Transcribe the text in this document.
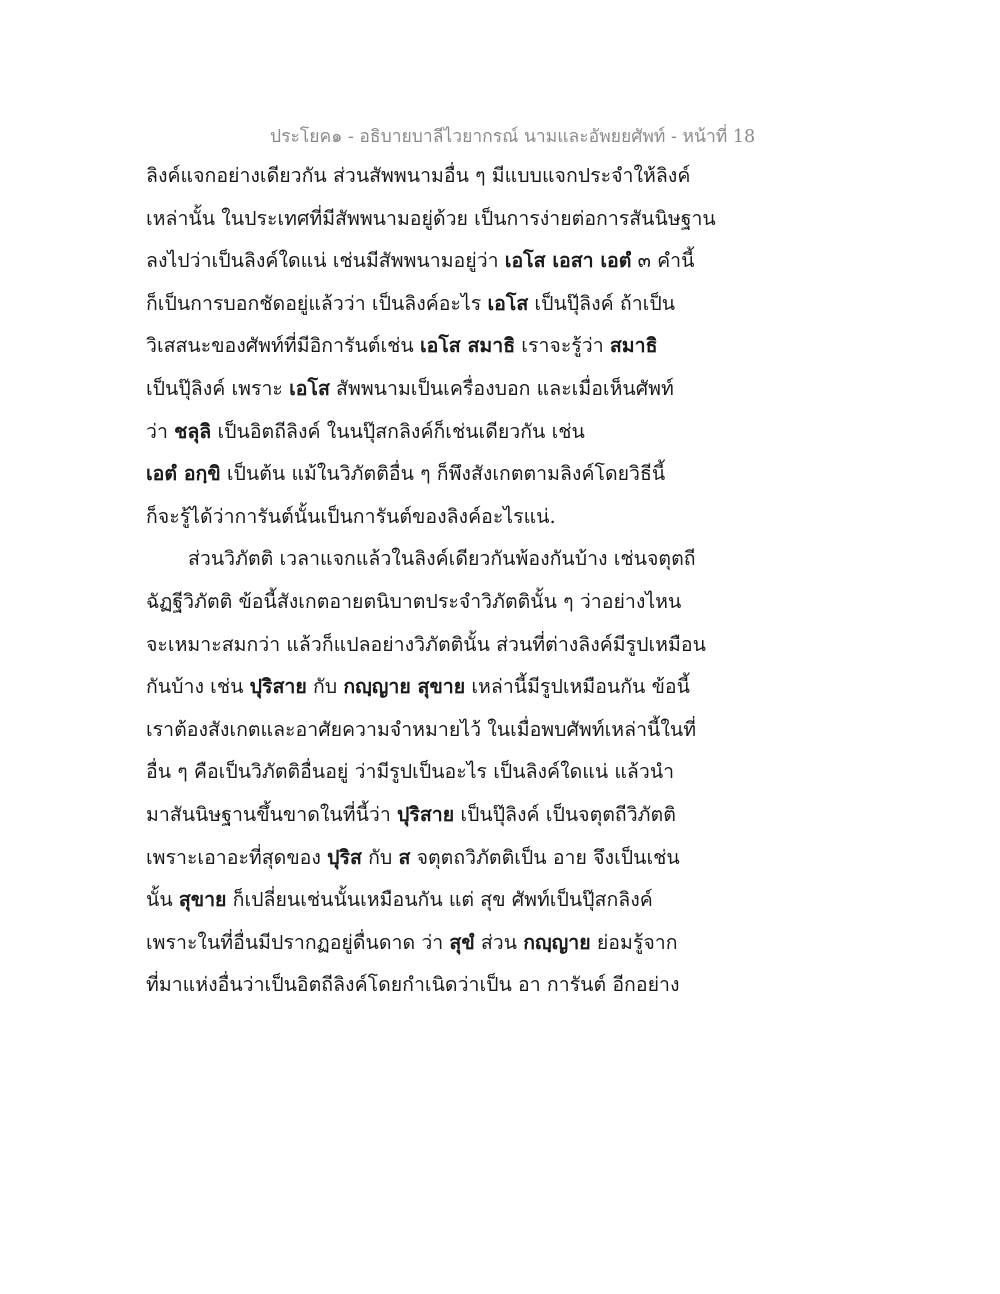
ประโยค๑ - อธิบายบาลีไวยากรณ์ นามและอัพยยศัพท์ - หน้าที่ 18
ลิงค์แจกอย่างเดียวกัน ส่วนสัพพนามอื่น ๆ มีแบบแจกประจำให้ลิงค์
เหล่านั้น ในประเทศที่มีสัพพนามอยู่ด้วย เป็นการง่ายต่อการสันนิษฐาน
ลงไปว่าเป็นลิงค์ใดแน่ เช่นมีสัพพนามอยู่ว่า เอโส เอสา เอตํ ๓ คำนี้
ก็เป็นการบอกชัดอยู่แล้วว่า เป็นลิงค์อะไร เอโส เป็นปุ๊ลิงค์ ถ้าเป็น
วิเสสนะของศัพท์ที่มีอิการันต์เช่น เอโส สมาธิ เราจะรู้ว่า สมาธิ
เป็นปุ๊ลิงค์ เพราะ เอโส สัพพนามเป็นเครื่องบอก และเมื่อเห็นศัพท์
ว่า ชลุลิ เป็นอิตถีลิงค์ ในนปุ๊สกลิงค์ก็เช่นเดียวกัน เช่น
เอตํ อกฺขิ เป็นต้น แม้ในวิภัตติอื่น ๆ ก็พึงสังเกตตามลิงค์โดยวิธีนี้
ก็จะรู้ได้ว่าการันต์นั้นเป็นการันต์ของลิงค์อะไรแน่.
ส่วนวิภัตติ เวลาแจกแล้วในลิงค์เดียวกันพ้องกันบ้าง เช่นจตุตถี
ฉัฏฐีวิภัตติ ข้อนี้สังเกตอายตนิบาตประจำวิภัตตินั้น ๆ ว่าอย่างไหน
จะเหมาะสมกว่า แล้วก็แปลอย่างวิภัตตินั้น ส่วนที่ต่างลิงค์มีรูปเหมือน
กันบ้าง เช่น ปุริสาย กับ กญฺญาย สุขาย เหล่านี้มีรูปเหมือนกัน ข้อนี้
เราต้องสังเกตและอาศัยความจำหมายไว้ ในเมื่อพบศัพท์เหล่านี้ในที่
อื่น ๆ คือเป็นวิภัตติอื่นอยู่ ว่ามีรูปเป็นอะไร เป็นลิงค์ใดแน่ แล้วนำ
มาสันนิษฐานขึ้นขาดในที่นี้ว่า ปุริสาย เป็นปุ๊ลิงค์ เป็นจตุตถีวิภัตติ
เพราะเอาอะที่สุดของ ปุริส กับ ส จตุตถวิภัตติเป็น อาย จึงเป็นเช่น
นั้น สุขาย ก็เปลี่ยนเช่นนั้นเหมือนกัน แต่ สุข ศัพท์เป็นปุ๊สกลิงค์
เพราะในที่อื่นมีปรากฏอยู่ดื่นดาด ว่า สุขํ ส่วน กญฺญาย ย่อมรู้จาก
ที่มาแห่งอื่นว่าเป็นอิตถีลิงค์โดยกำเนิดว่าเป็น อา การันต์ อีกอย่าง
